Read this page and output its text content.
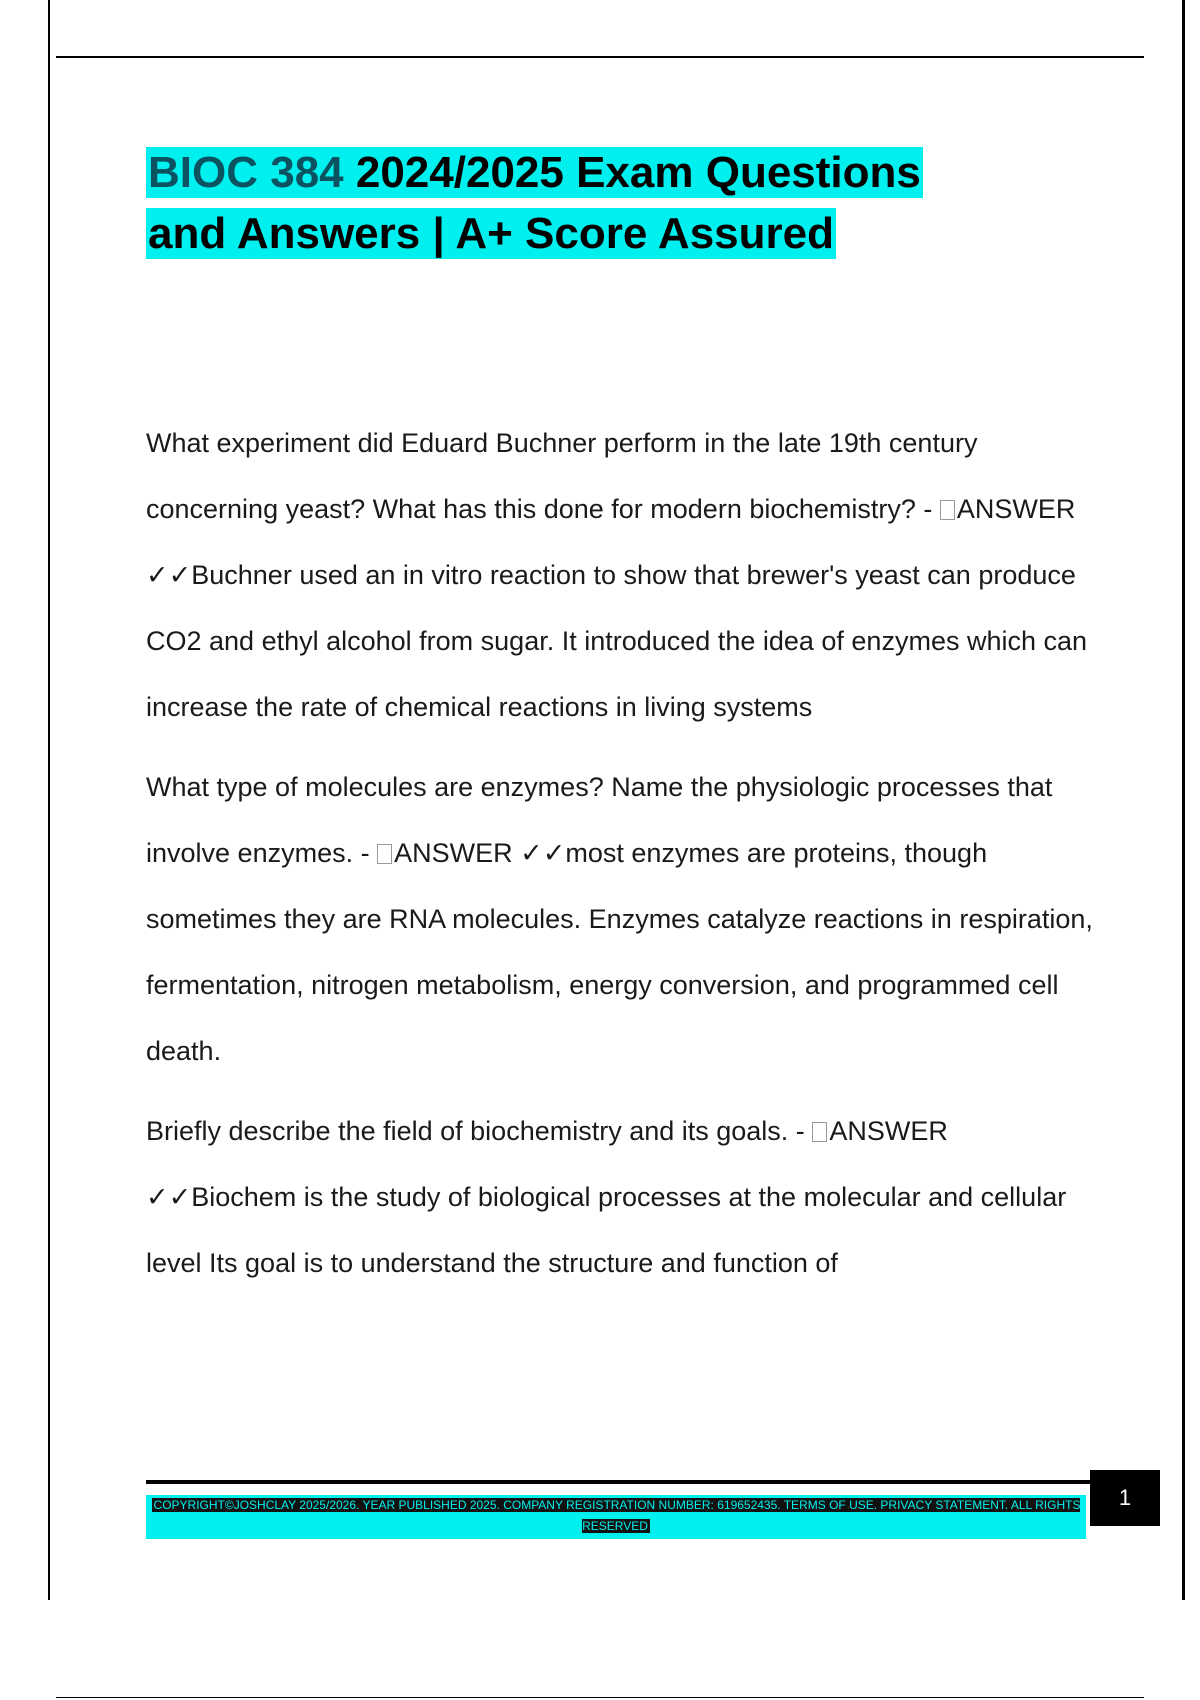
BIOC 384 2024/2025 Exam Questions
and Answers | A+ Score Assured

What experiment did Eduard Buchner perform in the late 19th century concerning yeast? What has this done for modern biochemistry? - ANSWER ✓✓Buchner used an in vitro reaction to show that brewer's yeast can produce CO2 and ethyl alcohol from sugar. It introduced the idea of enzymes which can increase the rate of chemical reactions in living systems

What type of molecules are enzymes? Name the physiologic processes that involve enzymes. - ANSWER ✓✓most enzymes are proteins, though sometimes they are RNA molecules. Enzymes catalyze reactions in respiration, fermentation, nitrogen metabolism, energy conversion, and programmed cell death.

Briefly describe the field of biochemistry and its goals. - ANSWER ✓✓Biochem is the study of biological processes at the molecular and cellular level Its goal is to understand the structure and function of

COPYRIGHT©JOSHCLAY 2025/2026. YEAR PUBLISHED 2025. COMPANY REGISTRATION NUMBER: 619652435. TERMS OF USE. PRIVACY STATEMENT. ALL RIGHTS RESERVED
1
